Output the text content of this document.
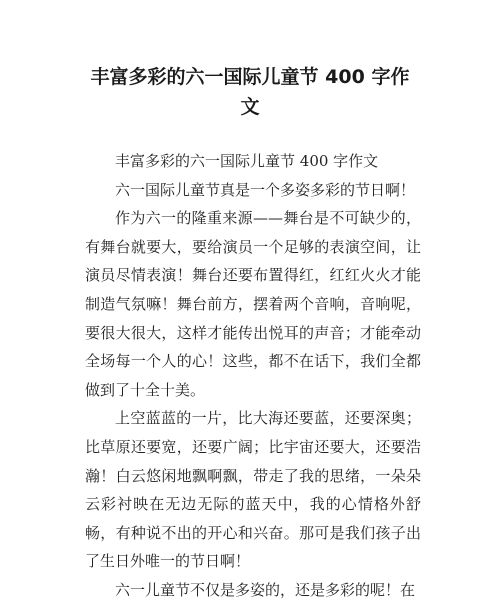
丰富多彩的六一国际儿童节 400 字作
文

丰富多彩的六一国际儿童节 400 字作文

六一国际儿童节真是一个多姿多彩的节日啊！

作为六一的隆重来源——舞台是不可缺少的，有舞台就要大，要给演员一个足够的表演空间，让演员尽情表演！舞台还要布置得红，红红火火才能制造气氛嘛！舞台前方，摆着两个音响，音响呢，要很大很大，这样才能传出悦耳的声音；才能牵动全场每一个人的心！这些，都不在话下，我们全都做到了十全十美。

上空蓝蓝的一片，比大海还要蓝，还要深奥；比草原还要宽，还要广阔；比宇宙还要大，还要浩瀚！白云悠闲地飘啊飘，带走了我的思绪，一朵朵云彩衬映在无边无际的蓝天中，我的心情格外舒畅，有种说不出的开心和兴奋。那可是我们孩子出了生日外唯一的节日啊！

六一儿童节不仅是多姿的，还是多彩的呢！在
